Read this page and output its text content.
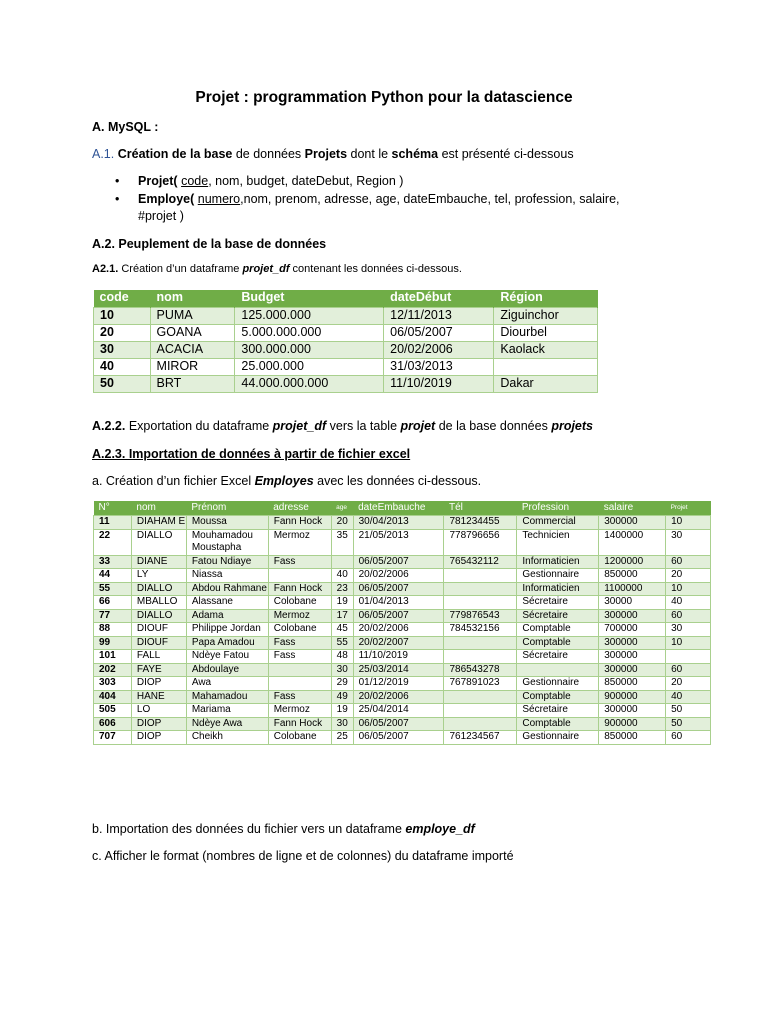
Projet : programmation Python pour la datascience
A. MySQL :
A.1. Création de la base de données Projets dont le schéma est présenté ci-dessous
• Projet( code, nom, budget, dateDebut, Region )
• Employe( numero,nom, prenom, adresse, age, dateEmbauche, tel, profession, salaire,
#projet )
A.2. Peuplement de la base de données
A2.1. Création d’un dataframe projet_df contenant les données ci-dessous.
code	nom	Budget	dateDébut	Région
10	PUMA	125.000.000	12/11/2013	Ziguinchor
20	GOANA	5.000.000.000	06/05/2007	Diourbel
30	ACACIA	300.000.000	20/02/2006	Kaolack
40	MIROR	25.000.000	31/03/2013	
50	BRT	44.000.000.000	11/10/2019	Dakar
A.2.2. Exportation du dataframe projet_df vers la table projet de la base données projets
A.2.3. Importation de données à partir de fichier excel
a. Création d’un fichier Excel Employes avec les données ci-dessous.
N°	nom	Prénom	adresse	age	dateEmbauche	Tél	Profession	salaire	Projet
11	DIAHAM E	Moussa	Fann Hock	20	30/04/2013	781234455	Commercial	300000	10
22	DIALLO	Mouhamadou Moustapha	Mermoz	35	21/05/2013	778796656	Technicien	1400000	30
33	DIANE	Fatou Ndiaye	Fass		06/05/2007	765432112	Informaticien	1200000	60
44	LY	Niassa		40	20/02/2006		Gestionnaire	850000	20
55	DIALLO	Abdou Rahmane	Fann Hock	23	06/05/2007		Informaticien	1100000	10
66	MBALLO	Alassane	Colobane	19	01/04/2013		Sécretaire	30000	40
77	DIALLO	Adama	Mermoz	17	06/05/2007	779876543	Sécretaire	300000	60
88	DIOUF	Philippe Jordan	Colobane	45	20/02/2006	784532156	Comptable	700000	30
99	DIOUF	Papa Amadou	Fass	55	20/02/2007		Comptable	300000	10
101	FALL	Ndèye Fatou	Fass	48	11/10/2019		Sécretaire	300000	
202	FAYE	Abdoulaye		30	25/03/2014	786543278		300000	60
303	DIOP	Awa		29	01/12/2019	767891023	Gestionnaire	850000	20
404	HANE	Mahamadou	Fass	49	20/02/2006		Comptable	900000	40
505	LO	Mariama	Mermoz	19	25/04/2014		Sécretaire	300000	50
606	DIOP	Ndèye Awa	Fann Hock	30	06/05/2007		Comptable	900000	50
707	DIOP	Cheikh	Colobane	25	06/05/2007	761234567	Gestionnaire	850000	60
b. Importation des données du fichier vers un dataframe employe_df
c. Afficher le format (nombres de ligne et de colonnes) du dataframe importé
